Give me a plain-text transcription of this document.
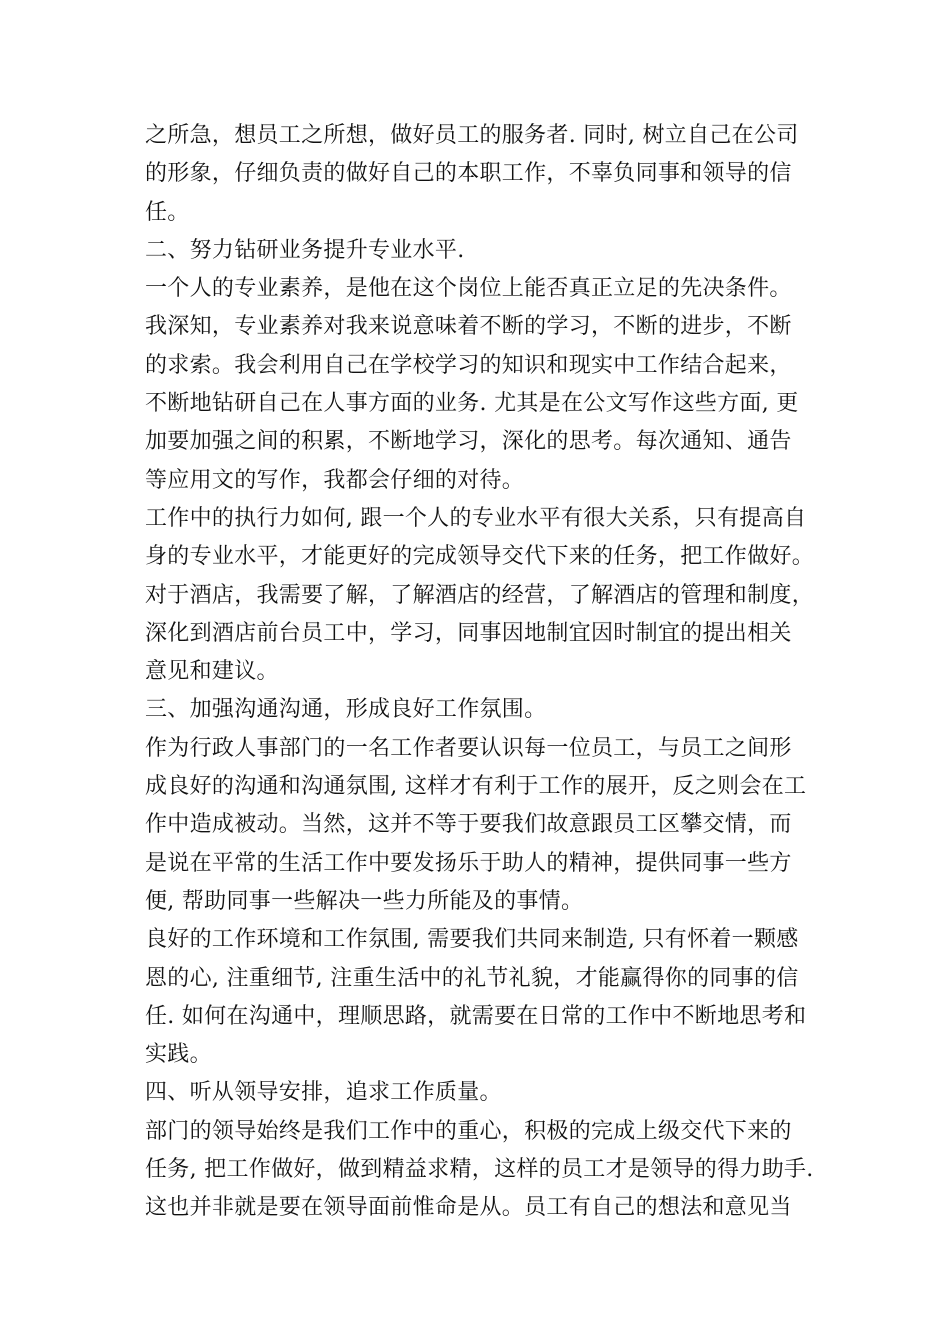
之所急，想员工之所想，做好员工的服务者. 同时, 树立自己在公司
的形象，仔细负责的做好自己的本职工作，不辜负同事和领导的信
任。
二、努力钻研业务提升专业水平.
一个人的专业素养，是他在这个岗位上能否真正立足的先决条件。
我深知，专业素养对我来说意味着不断的学习，不断的进步，不断
的求索。我会利用自己在学校学习的知识和现实中工作结合起来，
不断地钻研自己在人事方面的业务. 尤其是在公文写作这些方面, 更
加要加强之间的积累，不断地学习，深化的思考。每次通知、通告
等应用文的写作，我都会仔细的对待。
工作中的执行力如何, 跟一个人的专业水平有很大关系，只有提高自
身的专业水平，才能更好的完成领导交代下来的任务，把工作做好。
对于酒店，我需要了解，了解酒店的经营，了解酒店的管理和制度，
深化到酒店前台员工中，学习，同事因地制宜因时制宜的提出相关
意见和建议。
三、加强沟通沟通，形成良好工作氛围。
作为行政人事部门的一名工作者要认识每一位员工，与员工之间形
成良好的沟通和沟通氛围, 这样才有利于工作的展开，反之则会在工
作中造成被动。当然，这并不等于要我们故意跟员工区攀交情，而
是说在平常的生活工作中要发扬乐于助人的精神，提供同事一些方
便, 帮助同事一些解决一些力所能及的事情。
良好的工作环境和工作氛围, 需要我们共同来制造, 只有怀着一颗感
恩的心, 注重细节, 注重生活中的礼节礼貌，才能赢得你的同事的信
任. 如何在沟通中，理顺思路，就需要在日常的工作中不断地思考和
实践。
四、听从领导安排，追求工作质量。
部门的领导始终是我们工作中的重心，积极的完成上级交代下来的
任务, 把工作做好，做到精益求精，这样的员工才是领导的得力助手.
这也并非就是要在领导面前惟命是从。员工有自己的想法和意见当
